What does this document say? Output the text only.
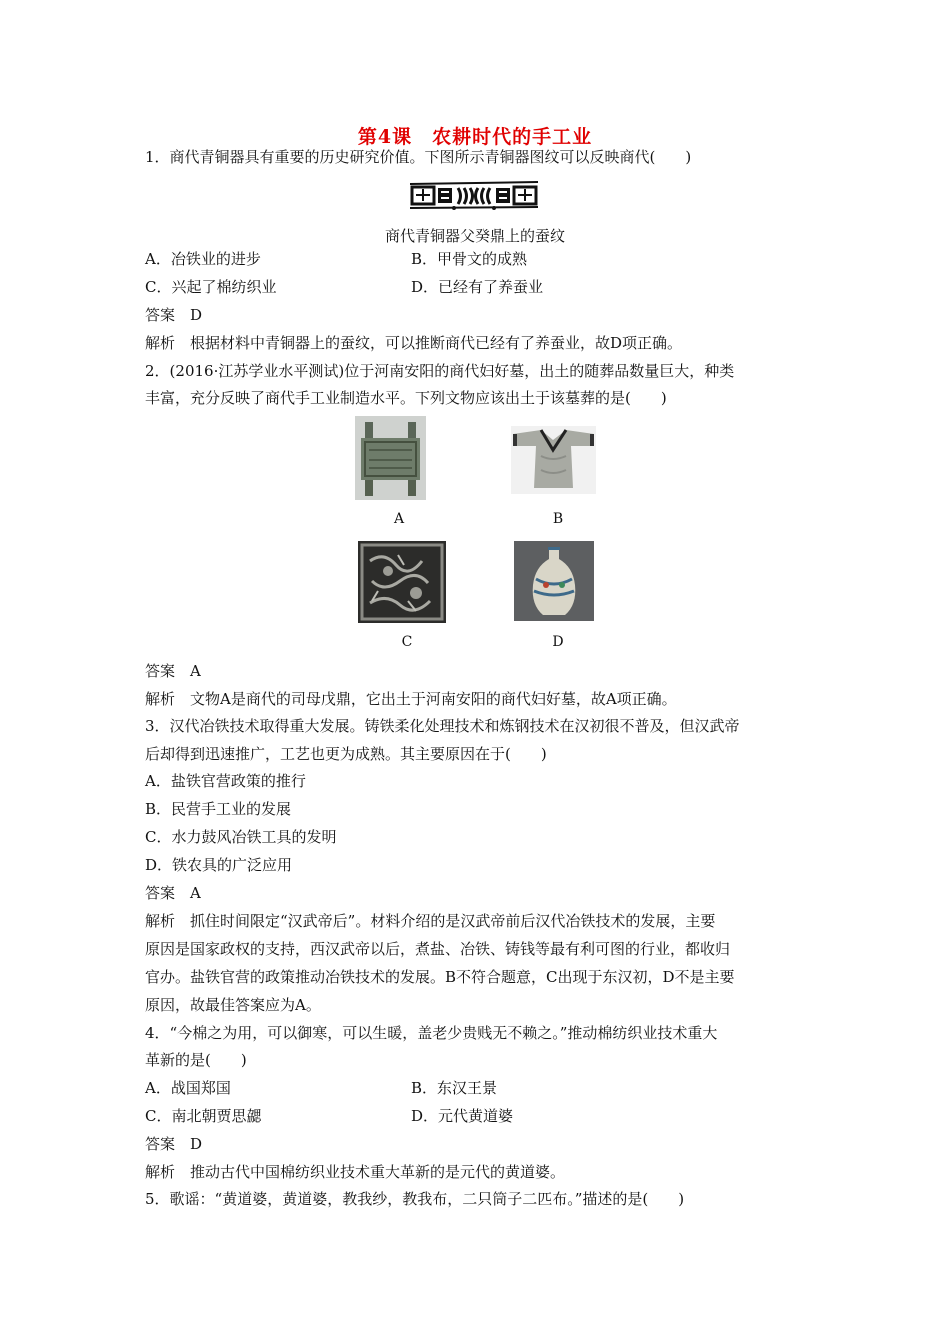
第4课　农耕时代的手工业
1．商代青铜器具有重要的历史研究价值。下图所示青铜器图纹可以反映商代(　　)
商代青铜器父癸鼎上的蚕纹
A．冶铁业的进步	B．甲骨文的成熟
C．兴起了棉纺织业	D．已经有了养蚕业
答案　D
解析　根据材料中青铜器上的蚕纹，可以推断商代已经有了养蚕业，故D项正确。
2．(2016·江苏学业水平测试)位于河南安阳的商代妇好墓，出土的随葬品数量巨大，种类
丰富，充分反映了商代手工业制造水平。下列文物应该出土于该墓葬的是(　　)
A	B
C	D
答案　A
解析　文物A是商代的司母戊鼎，它出土于河南安阳的商代妇好墓，故A项正确。
3．汉代冶铁技术取得重大发展。铸铁柔化处理技术和炼钢技术在汉初很不普及，但汉武帝
后却得到迅速推广，工艺也更为成熟。其主要原因在于(　　)
A．盐铁官营政策的推行
B．民营手工业的发展
C．水力鼓风冶铁工具的发明
D．铁农具的广泛应用
答案　A
解析　抓住时间限定“汉武帝后”。材料介绍的是汉武帝前后汉代冶铁技术的发展，主要
原因是国家政权的支持，西汉武帝以后，煮盐、冶铁、铸钱等最有利可图的行业，都收归
官办。盐铁官营的政策推动冶铁技术的发展。B不符合题意，C出现于东汉初，D不是主要
原因，故最佳答案应为A。
4．“今棉之为用，可以御寒，可以生暖，盖老少贵贱无不赖之。”推动棉纺织业技术重大
革新的是(　　)
A．战国郑国	B．东汉王景
C．南北朝贾思勰	D．元代黄道婆
答案　D
解析　推动古代中国棉纺织业技术重大革新的是元代的黄道婆。
5．歌谣：“黄道婆，黄道婆，教我纱，教我布，二只筒子二匹布。”描述的是(　　)
